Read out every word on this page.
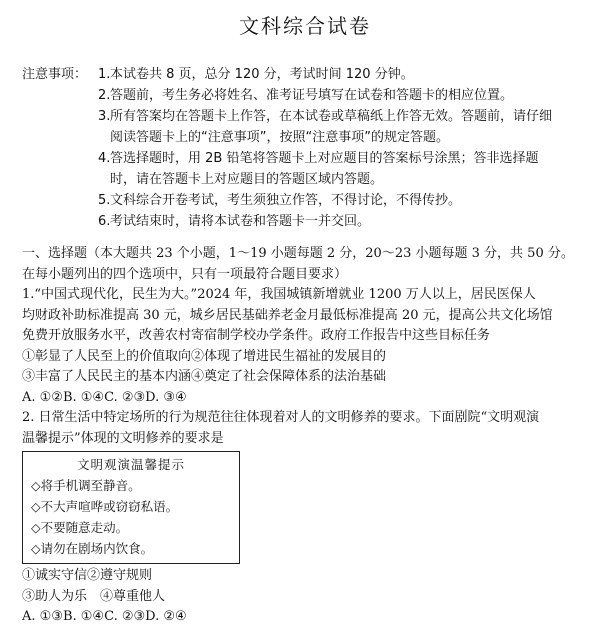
文科综合试卷
注意事项： 1. 本试卷共 8 页，总分 120 分，考试时间 120 分钟。
2. 答题前，考生务必将姓名、准考证号填写在试卷和答题卡的相应位置。
3. 所有答案均在答题卡上作答，在本试卷或草稿纸上作答无效。答题前，请仔细
阅读答题卡上的“注意事项”，按照“注意事项”的规定答题。
4. 答选择题时，用 2B 铅笔将答题卡上对应题目的答案标号涂黑；答非选择题
时，请在答题卡上对应题目的答题区域内答题。
5. 文科综合开卷考试，考生须独立作答，不得讨论，不得传抄。
6. 考试结束时，请将本试卷和答题卡一并交回。
一、选择题（本大题共 23 个小题，1～19 小题每题 2 分，20～23 小题每题 3 分，共 50 分。
在每小题列出的四个选项中，只有一项最符合题目要求）
1.“中国式现代化，民生为大。”2024 年，我国城镇新增就业 1200 万人以上，居民医保人
均财政补助标准提高 30 元，城乡居民基础养老金月最低标准提高 20 元，提高公共文化场馆
免费开放服务水平，改善农村寄宿制学校办学条件。政府工作报告中这些目标任务
①彰显了人民至上的价值取向②体现了增进民生福祉的发展目的
③丰富了人民民主的基本内涵④奠定了社会保障体系的法治基础
A. ①②B. ①④C. ②③D. ③④
2. 日常生活中特定场所的行为规范往往体现着对人的文明修养的要求。下面剧院“文明观演
温馨提示”体现的文明修养的要求是
文明观演温馨提示
◇将手机调至静音。
◇不大声喧哗或窃窃私语。
◇不要随意走动。
◇请勿在剧场内饮食。
①诚实守信②遵守规则
③助人为乐　④尊重他人
A. ①③B. ①④C. ②③D. ②④
